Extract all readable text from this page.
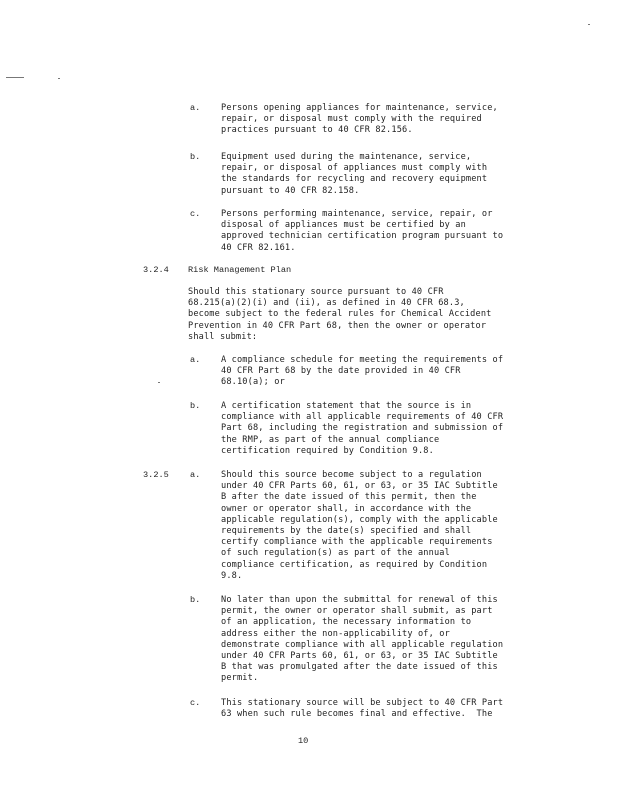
a. Persons opening appliances for maintenance, service,
repair, or disposal must comply with the required
practices pursuant to 40 CFR 82.156.
b. Equipment used during the maintenance, service,
repair, or disposal of appliances must comply with
the standards for recycling and recovery equipment
pursuant to 40 CFR 82.158.
c. Persons performing maintenance, service, repair, or
disposal of appliances must be certified by an
approved technician certification program pursuant to
40 CFR 82.161.
3.2.4 Risk Management Plan
Should this stationary source pursuant to 40 CFR
68.215(a)(2)(i) and (ii), as defined in 40 CFR 68.3,
become subject to the federal rules for Chemical Accident
Prevention in 40 CFR Part 68, then the owner or operator
shall submit:
a. A compliance schedule for meeting the requirements of
40 CFR Part 68 by the date provided in 40 CFR
68.10(a); or
b. A certification statement that the source is in
compliance with all applicable requirements of 40 CFR
Part 68, including the registration and submission of
the RMP, as part of the annual compliance
certification required by Condition 9.8.
3.2.5 a. Should this source become subject to a regulation
under 40 CFR Parts 60, 61, or 63, or 35 IAC Subtitle
B after the date issued of this permit, then the
owner or operator shall, in accordance with the
applicable regulation(s), comply with the applicable
requirements by the date(s) specified and shall
certify compliance with the applicable requirements
of such regulation(s) as part of the annual
compliance certification, as required by Condition
9.8.
b. No later than upon the submittal for renewal of this
permit, the owner or operator shall submit, as part
of an application, the necessary information to
address either the non-applicability of, or
demonstrate compliance with all applicable regulation
under 40 CFR Parts 60, 61, or 63, or 35 IAC Subtitle
B that was promulgated after the date issued of this
permit.
c. This stationary source will be subject to 40 CFR Part
63 when such rule becomes final and effective.  The
10
